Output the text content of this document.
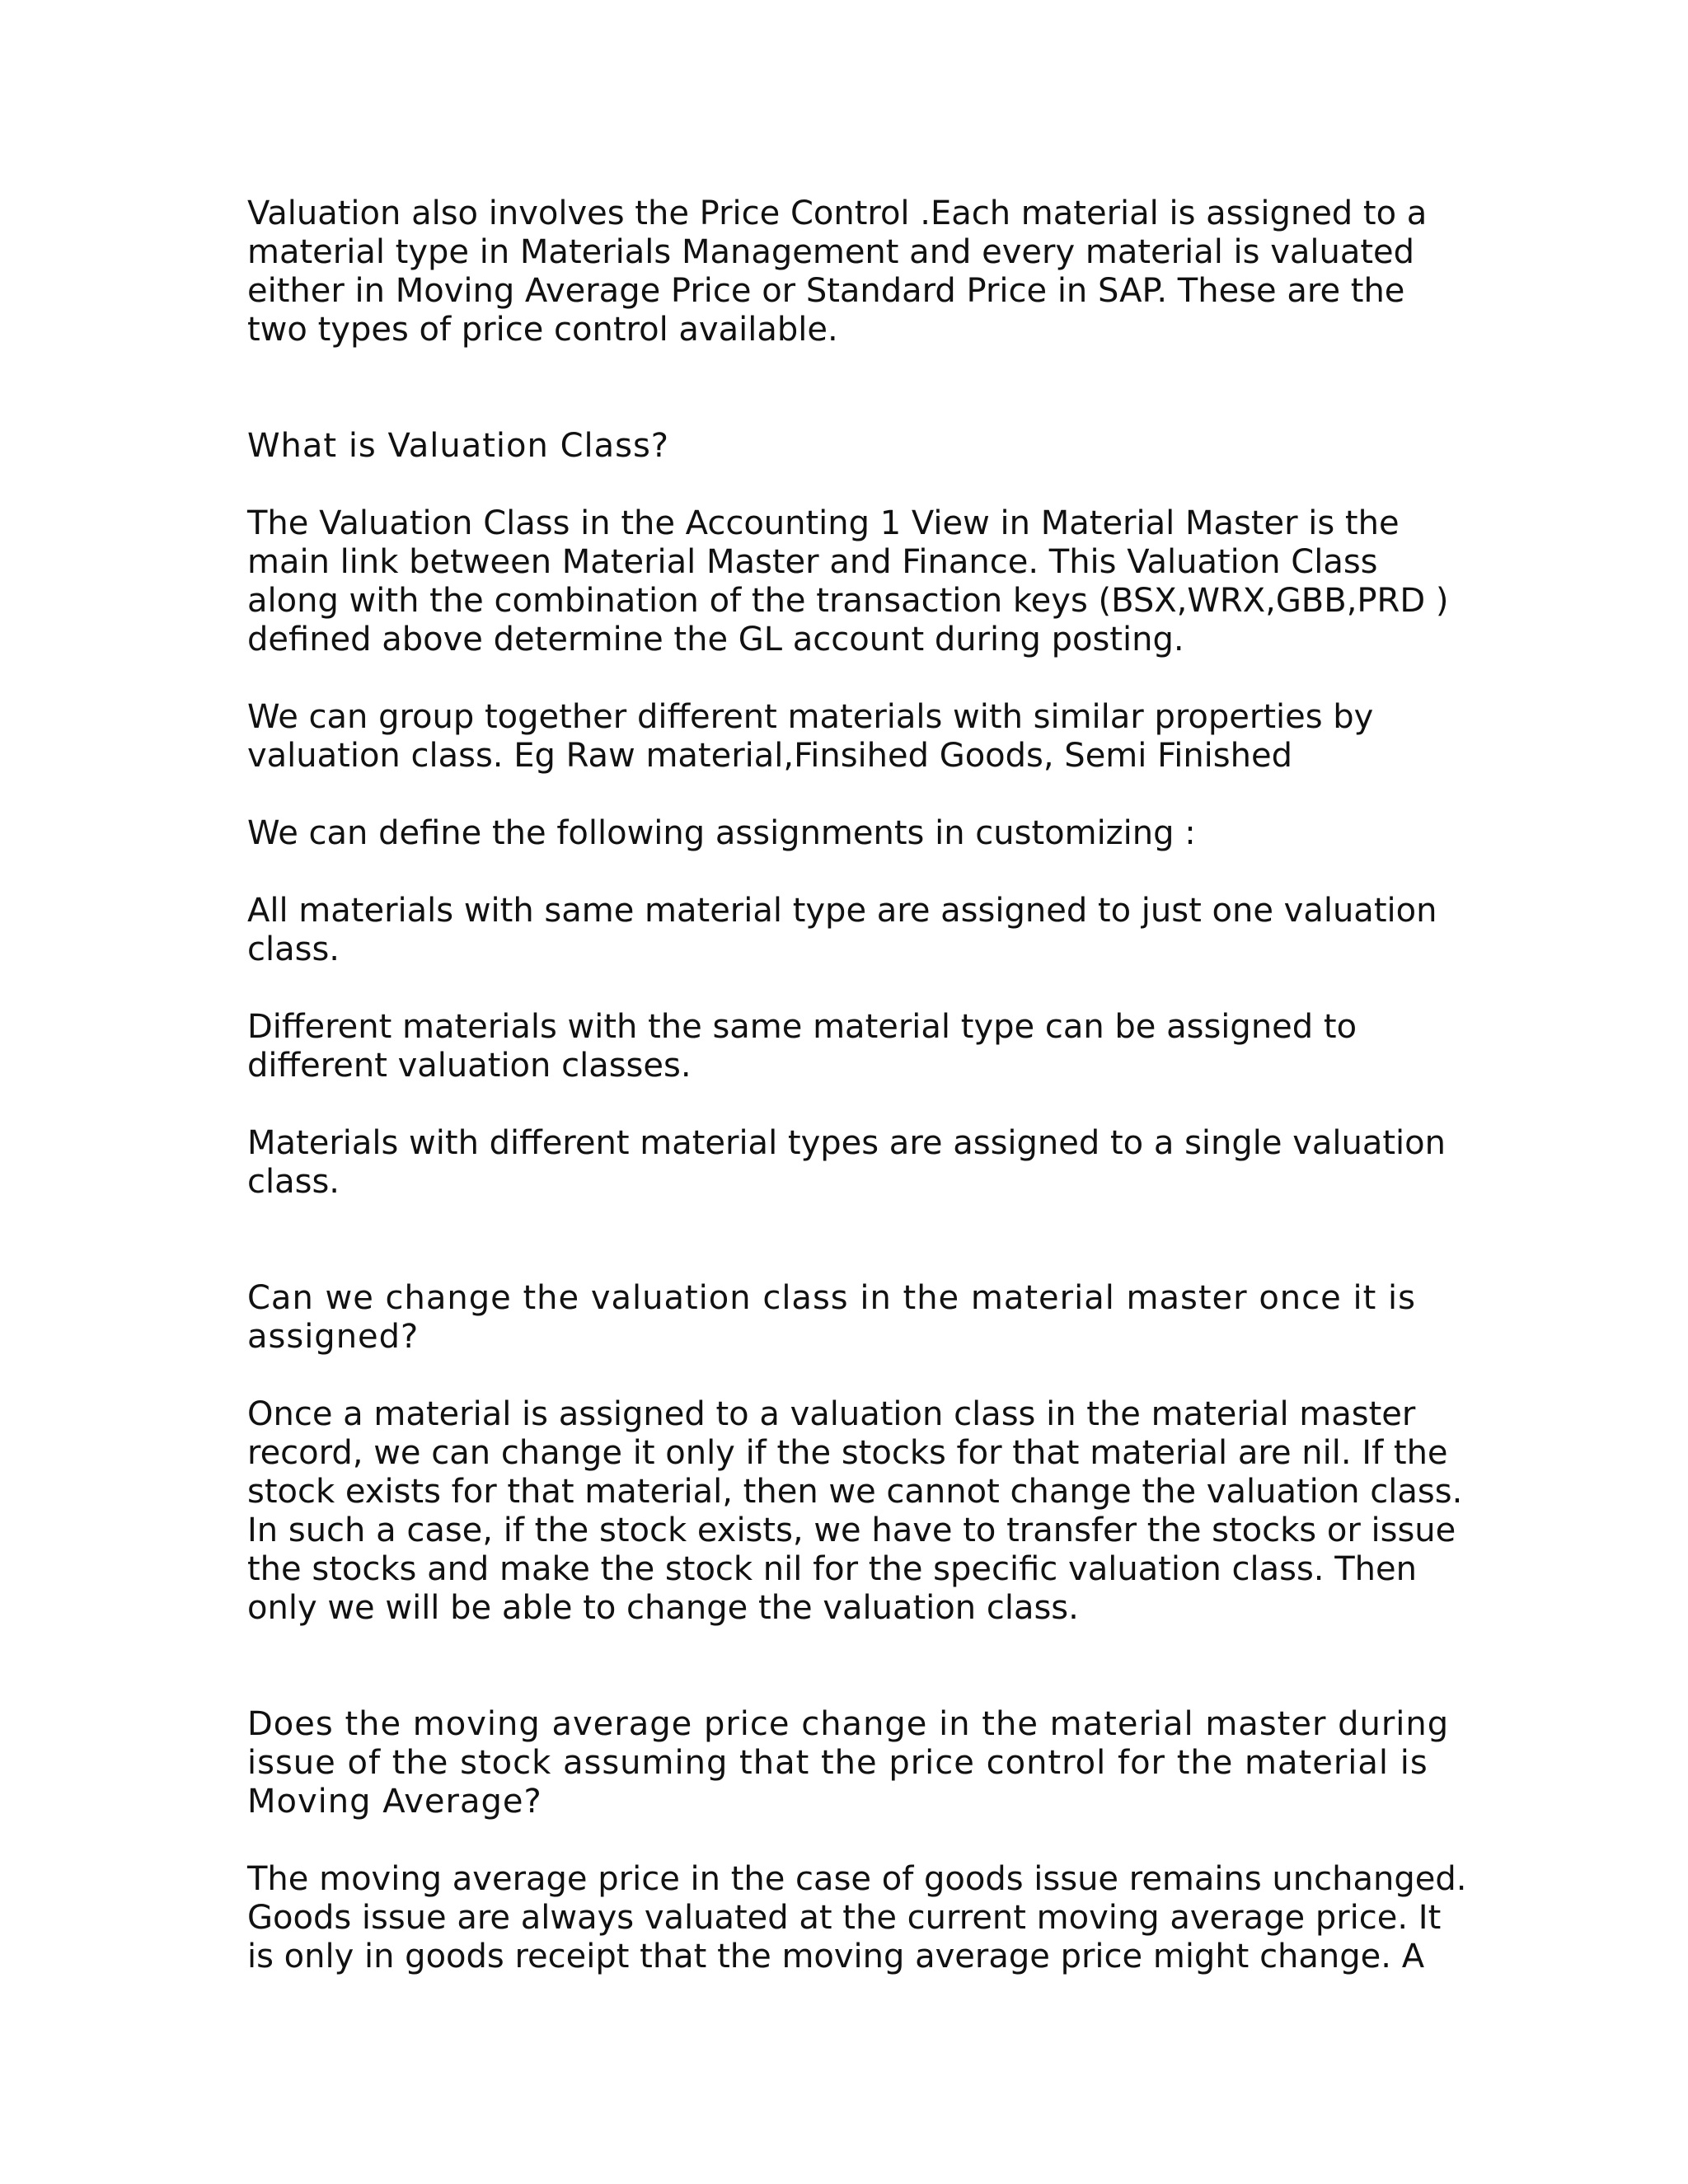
Valuation also involves the Price Control .Each material is assigned to a

material type in Materials Management and every material is valuated

either in Moving Average Price or Standard Price in SAP. These are the

two types of price control available.

What is Valuation Class?

The Valuation Class in the Accounting 1 View in Material Master is the

main link between Material Master and Finance. This Valuation Class

along with the combination of the transaction keys (BSX,WRX,GBB,PRD )

defined above determine the GL account during posting.

We can group together different materials with similar properties by

valuation class. Eg Raw material,Finsihed Goods, Semi Finished

We can define the following assignments in customizing :

All materials with same material type are assigned to just one valuation

class.

Different materials with the same material type can be assigned to

different valuation classes.

Materials with different material types are assigned to a single valuation

class.

Can we change the valuation class in the material master once it is

assigned?

Once a material is assigned to a valuation class in the material master

record, we can change it only if the stocks for that material are nil. If the

stock exists for that material, then we cannot change the valuation class.

In such a case, if the stock exists, we have to transfer the stocks or issue

the stocks and make the stock nil for the specific valuation class. Then

only we will be able to change the valuation class.

Does the moving average price change in the material master during

issue of the stock assuming that the price control for the material is

Moving Average?

The moving average price in the case of goods issue remains unchanged.

Goods issue are always valuated at the current moving average price. It

is only in goods receipt that the moving average price might change. A
